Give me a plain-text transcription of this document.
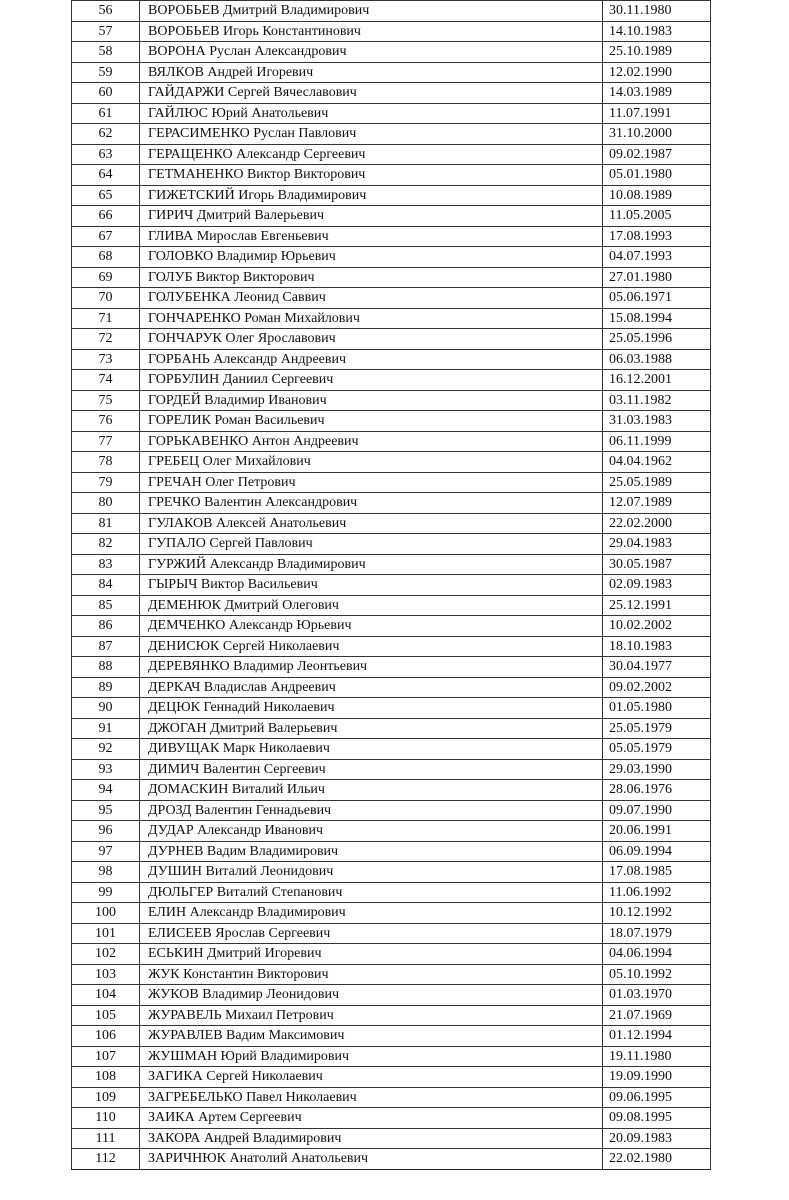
56	ВОРОБЬЕВ Дмитрий Владимирович	30.11.1980
57	ВОРОБЬЕВ Игорь Константинович	14.10.1983
58	ВОРОНА Руслан Александрович	25.10.1989
59	ВЯЛКОВ Андрей Игоревич	12.02.1990
60	ГАЙДАРЖИ Сергей Вячеславович	14.03.1989
61	ГАЙЛЮС Юрий Анатольевич	11.07.1991
62	ГЕРАСИМЕНКО Руслан Павлович	31.10.2000
63	ГЕРАЩЕНКО Александр Сергеевич	09.02.1987
64	ГЕТМАНЕНКО Виктор Викторович	05.01.1980
65	ГИЖЕТСКИЙ Игорь Владимирович	10.08.1989
66	ГИРИЧ Дмитрий Валерьевич	11.05.2005
67	ГЛИВА Мирослав Евгеньевич	17.08.1993
68	ГОЛОВКО Владимир Юрьевич	04.07.1993
69	ГОЛУБ Виктор Викторович	27.01.1980
70	ГОЛУБЕНКА Леонид Саввич	05.06.1971
71	ГОНЧАРЕНКО Роман Михайлович	15.08.1994
72	ГОНЧАРУК Олег Ярославович	25.05.1996
73	ГОРБАНЬ Александр Андреевич	06.03.1988
74	ГОРБУЛИН Даниил Сергеевич	16.12.2001
75	ГОРДЕЙ Владимир Иванович	03.11.1982
76	ГОРЕЛИК Роман Васильевич	31.03.1983
77	ГОРЬКАВЕНКО Антон Андреевич	06.11.1999
78	ГРЕБЕЦ Олег Михайлович	04.04.1962
79	ГРЕЧАН Олег Петрович	25.05.1989
80	ГРЕЧКО Валентин Александрович	12.07.1989
81	ГУЛАКОВ Алексей Анатольевич	22.02.2000
82	ГУПАЛО Сергей Павлович	29.04.1983
83	ГУРЖИЙ Александр Владимирович	30.05.1987
84	ГЫРЫЧ Виктор Васильевич	02.09.1983
85	ДЕМЕНЮК Дмитрий Олегович	25.12.1991
86	ДЕМЧЕНКО Александр Юрьевич	10.02.2002
87	ДЕНИСЮК Сергей Николаевич	18.10.1983
88	ДЕРЕВЯНКО Владимир Леонтьевич	30.04.1977
89	ДЕРКАЧ Владислав Андреевич	09.02.2002
90	ДЕЦЮК Геннадий Николаевич	01.05.1980
91	ДЖОГАН Дмитрий Валерьевич	25.05.1979
92	ДИВУЩАК Марк Николаевич	05.05.1979
93	ДИМИЧ Валентин Сергеевич	29.03.1990
94	ДОМАСКИН Виталий Ильич	28.06.1976
95	ДРОЗД Валентин Геннадьевич	09.07.1990
96	ДУДАР Александр Иванович	20.06.1991
97	ДУРНЕВ Вадим Владимирович	06.09.1994
98	ДУШИН Виталий Леонидович	17.08.1985
99	ДЮЛЬГЕР Виталий Степанович	11.06.1992
100	ЕЛИН Александр Владимирович	10.12.1992
101	ЕЛИСЕЕВ Ярослав Сергеевич	18.07.1979
102	ЕСЬКИН Дмитрий Игоревич	04.06.1994
103	ЖУК Константин Викторович	05.10.1992
104	ЖУКОВ Владимир Леонидович	01.03.1970
105	ЖУРАВЕЛЬ Михаил Петрович	21.07.1969
106	ЖУРАВЛЕВ Вадим Максимович	01.12.1994
107	ЖУШМАН Юрий Владимирович	19.11.1980
108	ЗАГИКА Сергей Николаевич	19.09.1990
109	ЗАГРЕБЕЛЬКО Павел Николаевич	09.06.1995
110	ЗАИКА Артем Сергеевич	09.08.1995
111	ЗАКОРА Андрей Владимирович	20.09.1983
112	ЗАРИЧНЮК Анатолий Анатольевич	22.02.1980
